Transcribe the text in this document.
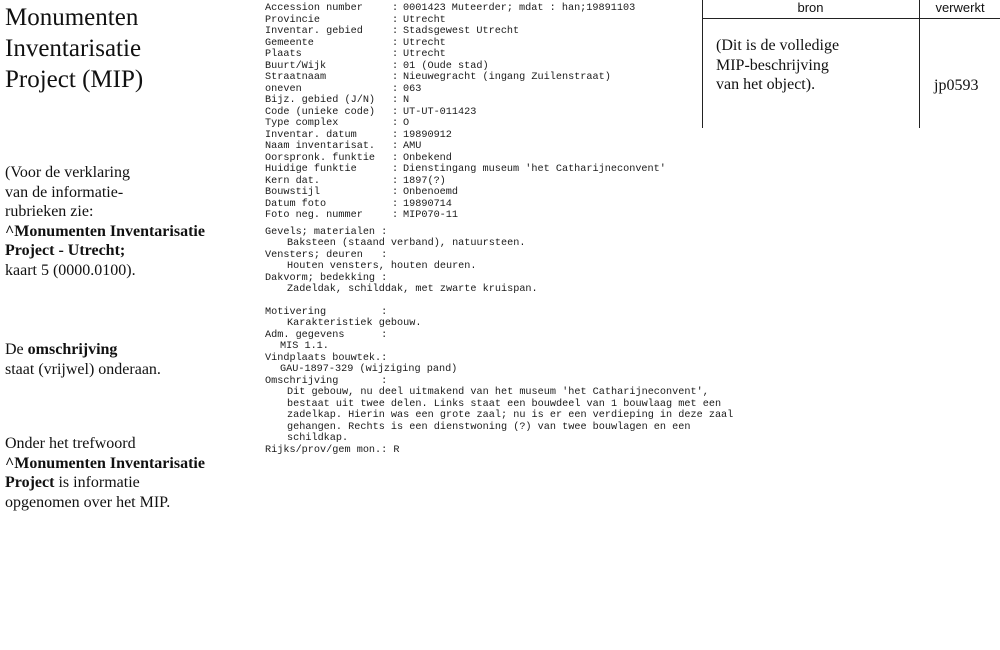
Monumenten
Inventarisatie
Project (MIP)
(Voor de verklaring
van de informatie-
rubrieken zie:
^Monumenten Inventarisatie
Project - Utrecht;
kaart 5 (0000.0100).
De omschrijving
staat (vrijwel) onderaan.
Onder het trefwoord
^Monumenten Inventarisatie
Project is informatie
opgenomen over het MIP.
Accession number	: 0001423 Muteerder; mdat : han;19891103
Provincie	: Utrecht
Inventar. gebied	: Stadsgewest Utrecht
Gemeente	: Utrecht
Plaats	: Utrecht
Buurt/Wijk	: 01 (Oude stad)
Straatnaam	: Nieuwegracht (ingang Zuilenstraat)
oneven	: 063
Bijz. gebied (J/N)	: N
Code (unieke code)	: UT-UT-011423
Type complex	: O
Inventar. datum	: 19890912
Naam inventarisat.	: AMU
Oorspronk. funktie	: Onbekend
Huidige funktie	: Dienstingang museum 'het Catharijneconvent'
Kern dat.	: 1897(?)
Bouwstijl	: Onbenoemd
Datum foto	: 19890714
Foto neg. nummer	: MIP070-11
Gevels; materialen :
Baksteen (staand verband), natuursteen.
Vensters; deuren   :
Houten vensters, houten deuren.
Dakvorm; bedekking :
Zadeldak, schilddak, met zwarte kruispan.
Motivering         :
Karakteristiek gebouw.
Adm. gegevens      :
MIS 1.1.
Vindplaats bouwtek.:
GAU-1897-329 (wijziging pand)
Omschrijving       :
Dit gebouw, nu deel uitmakend van het museum 'het Catharijneconvent',
bestaat uit twee delen. Links staat een bouwdeel van 1 bouwlaag met een
zadelkap. Hierin was een grote zaal; nu is er een verdieping in deze zaal
gehangen. Rechts is een dienstwoning (?) van twee bouwlagen en een
schildkap.
Rijks/prov/gem mon.:
R
bron	verwerkt
(Dit is de volledige
MIP-beschrijving
van het object).	jp0593
